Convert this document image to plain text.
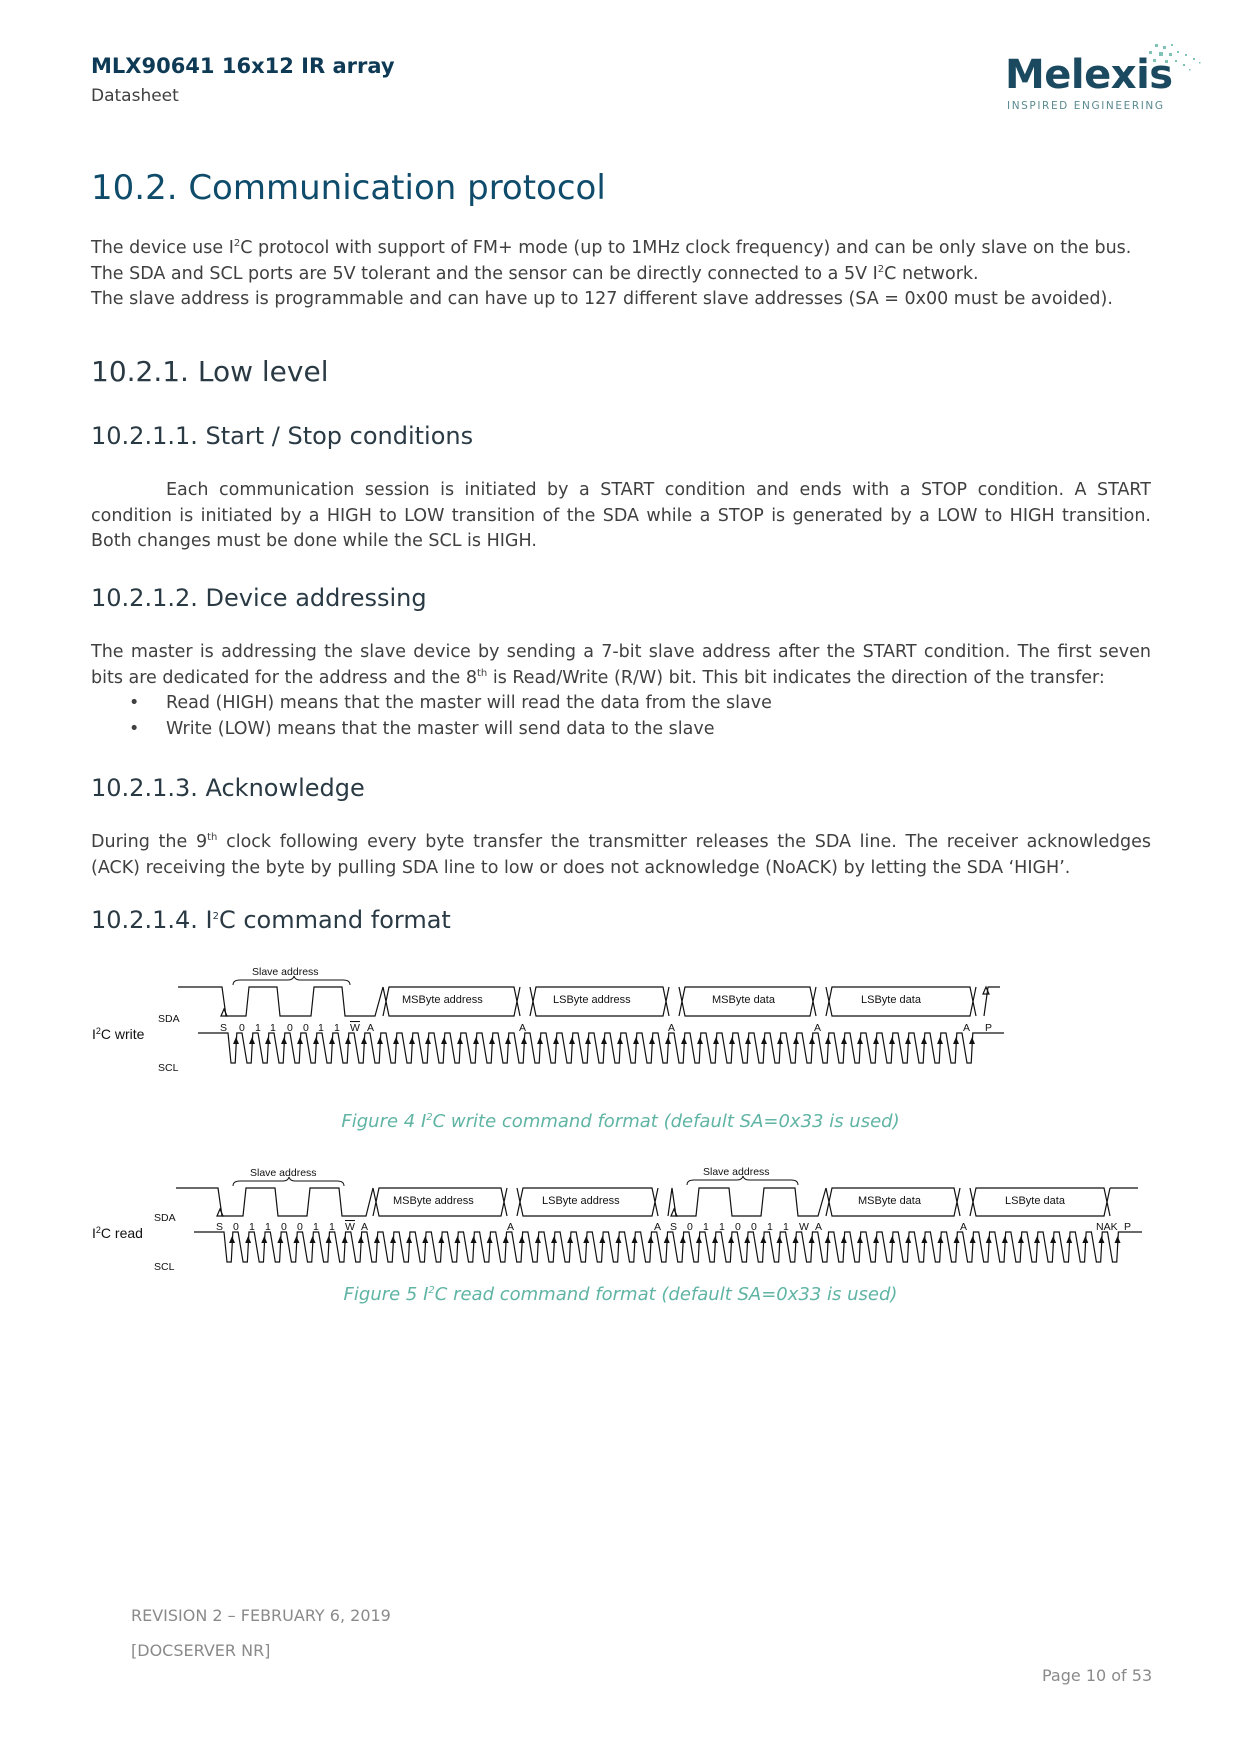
MLX90641 16x12 IR array
Datasheet	Melexis
INSPIRED ENGINEERING
10.2. Communication protocol

The device use $I^2C$ protocol with support of FM+ mode (up to 1MHz clock frequency) and can be only slave on the bus.
The SDA and SCL ports are 5V tolerant and the sensor can be directly connected to a 5V $I^2C$ network.
The slave address is programmable and can have up to 127 different slave addresses (SA = 0x00 must be avoided).

10.2.1. Low level
10.2.1.1. Start / Stop conditions

Each communication session is initiated by a START condition and ends with a STOP condition. A START condition is initiated by a HIGH to LOW transition of the SDA while a STOP is generated by a LOW to HIGH transition. Both changes must be done while the SCL is HIGH.

10.2.1.2. Device addressing

The master is addressing the slave device by sending a 7-bit slave address after the START condition. The first seven bits are dedicated for the address and the 8th is Read/Write (R/W) bit. This bit indicates the direction of the transfer:

• Read (HIGH) means that the master will read the data from the slave
• Write (LOW) means that the master will send data to the slave
10.2.1.3. Acknowledge

During the 9th clock following every byte transfer the transmitter releases the SDA line. The receiver acknowledges (ACK) receiving the byte by pulling SDA line to low or does not acknowledge (NoACK) by letting the SDA ‘HIGH’.

10.2.1.4. $I^2C$ command format
$I^2C$ write
SDA
SCL
Slave address
MSByte address	LSByte address	MSByte data	LSByte data
S 0 1 1 0 0 1 1 W A	A	A	A	A P
Figure 4 $I^2C$ write command format (default SA=0x33 is used)
$I^2C$ read
SDA
SCL
Slave address	Slave address
MSByte address	LSByte address	MSByte data	LSByte data
S 0 1 1 0 0 1 1 W A	A	A S 0 1 1 0 0 1 1 W A	A	NAK P
Figure 5 $I^2C$ read command format (default SA=0x33 is used)
REVISION 2 – FEBRUARY 6, 2019
[DOCSERVER NR]
Page 10 of 53
